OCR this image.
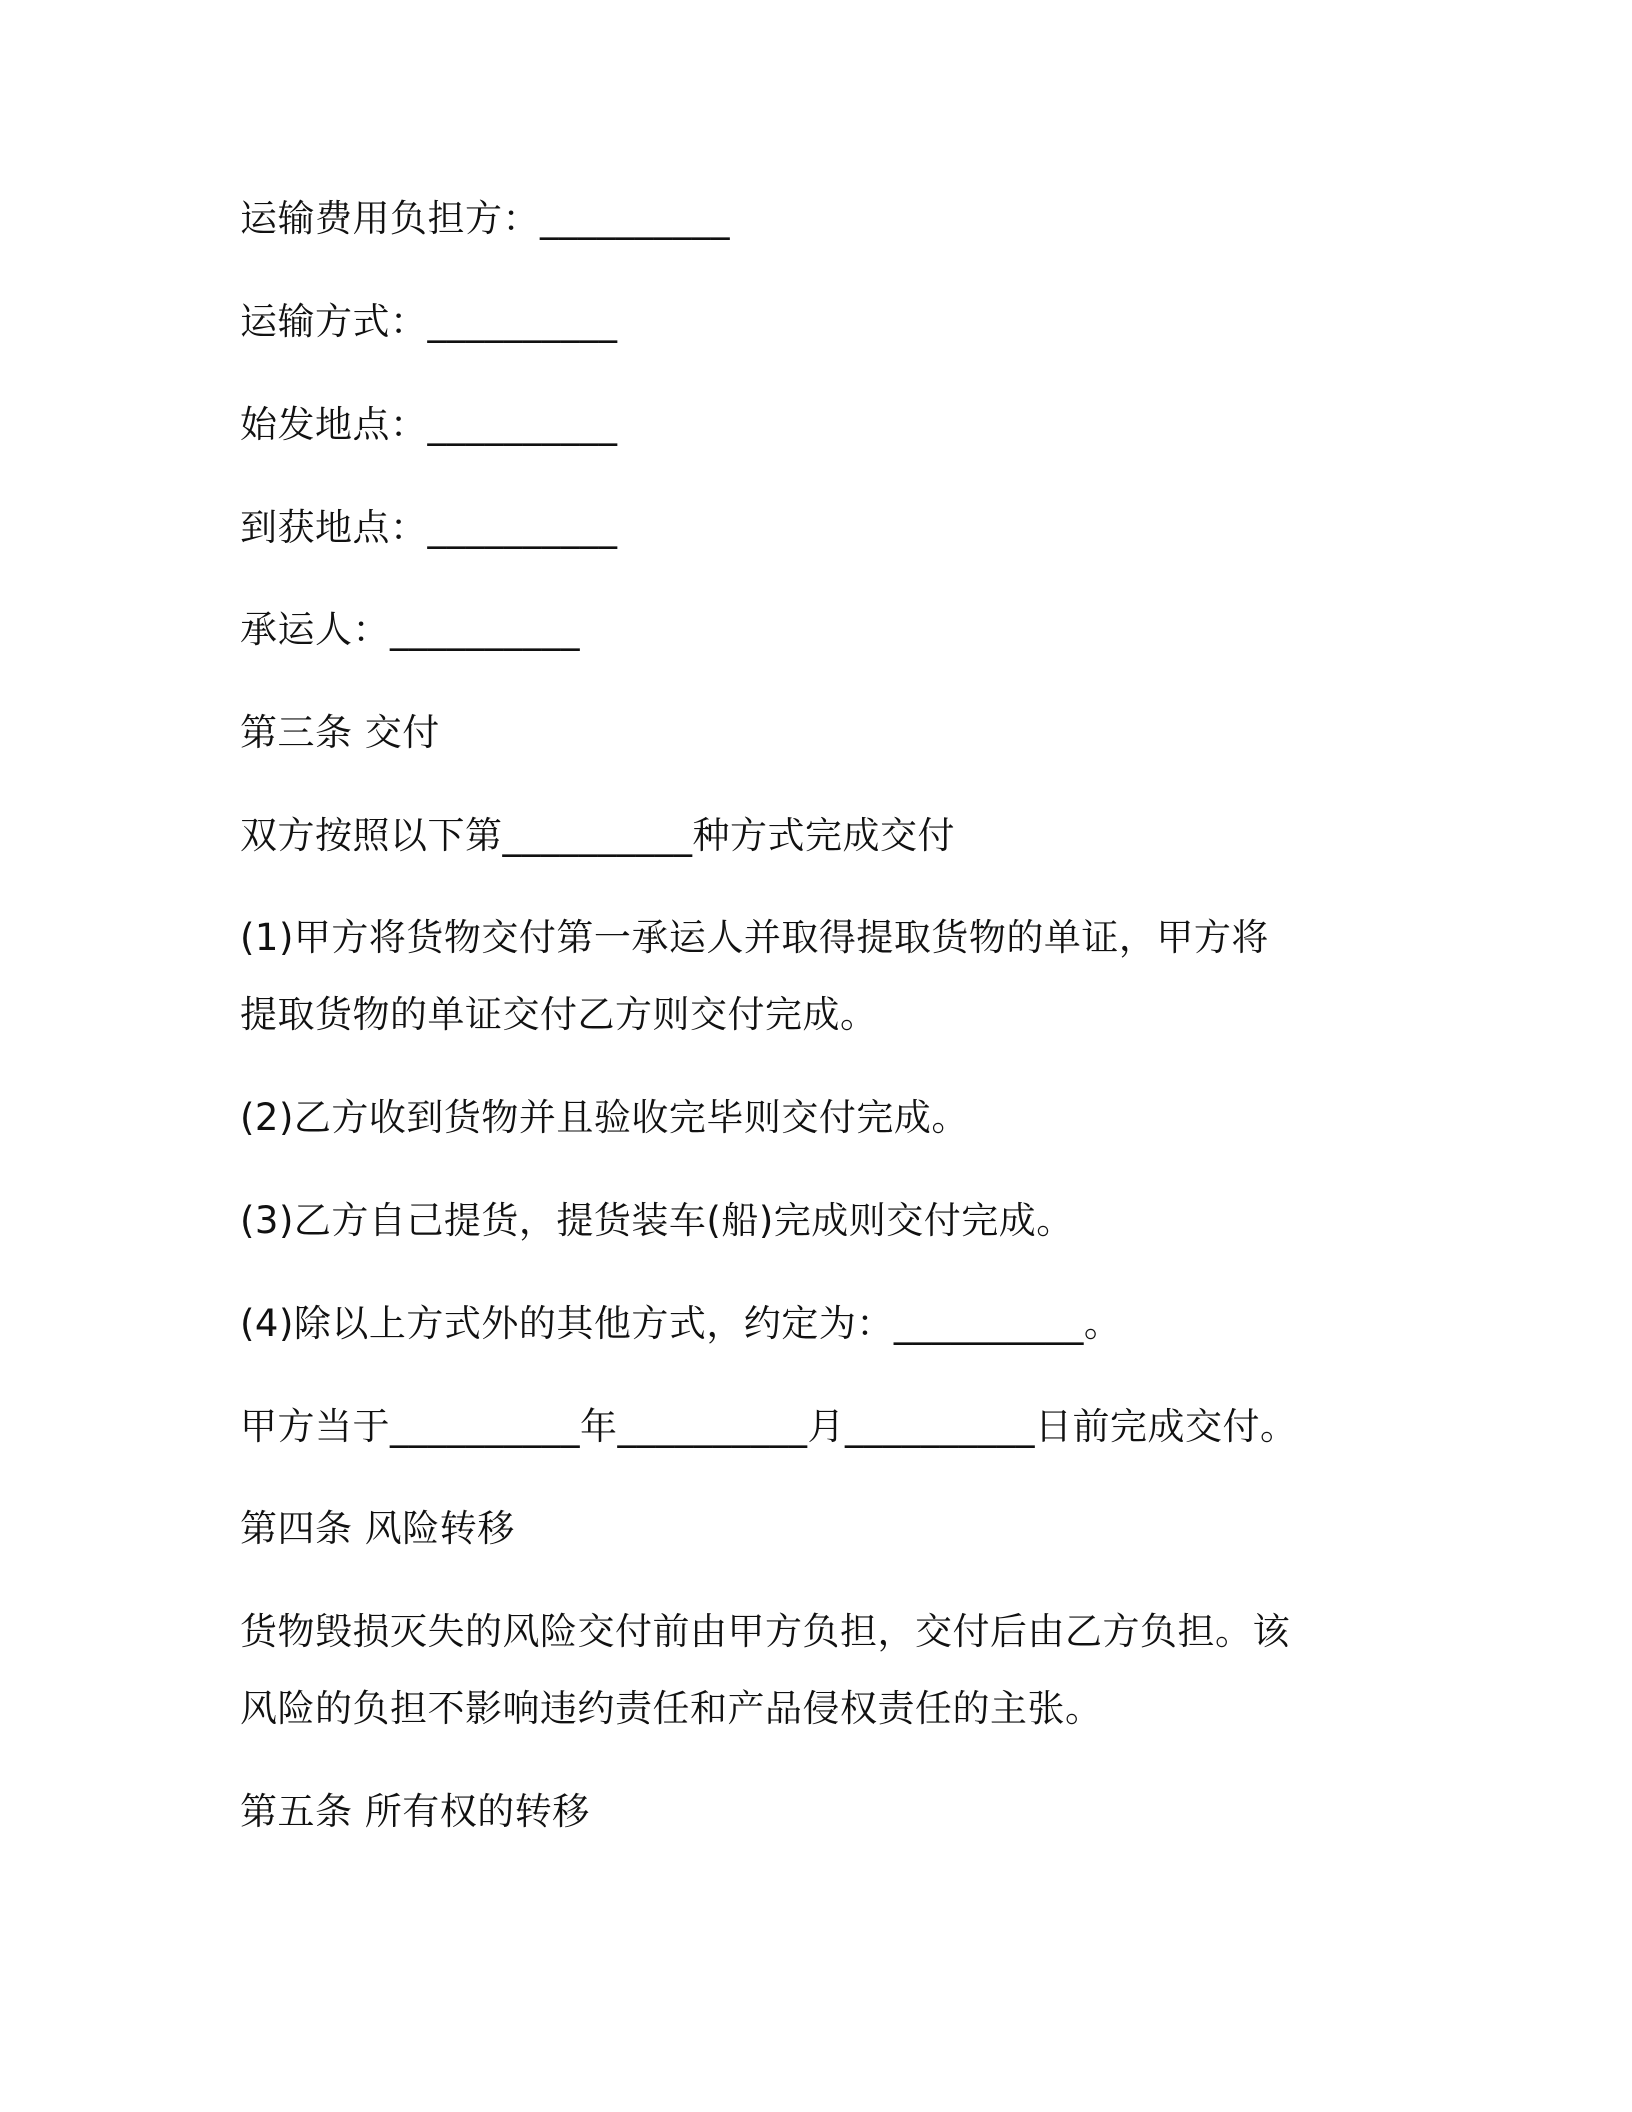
运输费用负担方：__________
运输方式：__________
始发地点：__________
到获地点：__________
承运人：__________
第三条 交付
双方按照以下第__________种方式完成交付
(1)甲方将货物交付第一承运人并取得提取货物的单证，甲方将
提取货物的单证交付乙方则交付完成。
(2)乙方收到货物并且验收完毕则交付完成。
(3)乙方自己提货，提货装车(船)完成则交付完成。
(4)除以上方式外的其他方式，约定为：__________。
甲方当于__________年__________月__________日前完成交付。
第四条 风险转移
货物毁损灭失的风险交付前由甲方负担，交付后由乙方负担。该
风险的负担不影响违约责任和产品侵权责任的主张。
第五条 所有权的转移
